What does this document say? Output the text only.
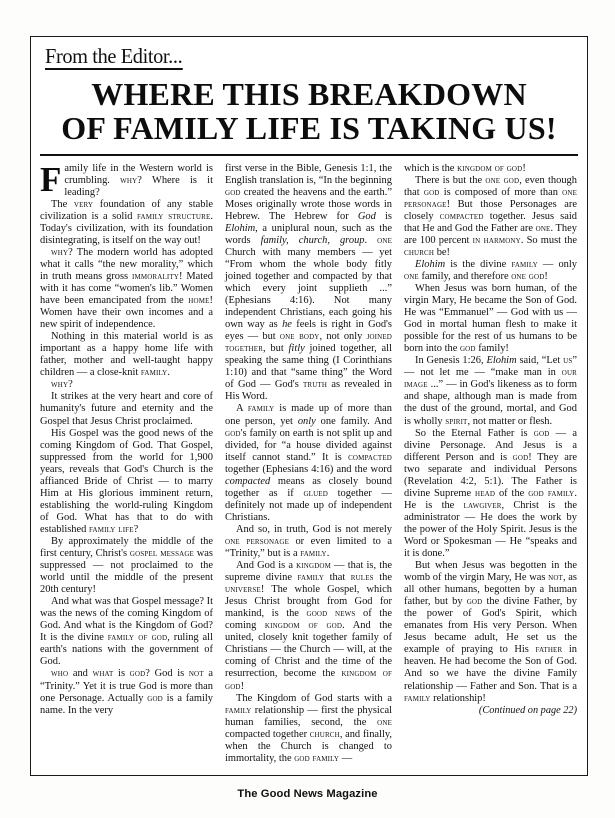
From the Editor...
WHERE THIS BREAKDOWN
OF FAMILY LIFE IS TAKING US!

Family life in the Western world is crumbling. why? Where is it leading?

The very foundation of any stable civilization is a solid family structure. Today's civilization, with its foundation disintegrating, is itself on the way out!

why? The modern world has adopted what it calls “the new morality,” which in truth means gross immorality! Mated with it has come “women's lib.” Women have been emancipated from the home! Women have their own incomes and a new spirit of independence.

Nothing in this material world is as important as a happy home life with father, mother and well-taught happy children — a close-knit family.

why?

It strikes at the very heart and core of humanity's future and eternity and the Gospel that Jesus Christ proclaimed.

His Gospel was the good news of the coming Kingdom of God. That Gospel, suppressed from the world for 1,900 years, reveals that God's Church is the affianced Bride of Christ — to marry Him at His glorious imminent return, establishing the world-ruling Kingdom of God. What has that to do with established family life?

By approximately the middle of the first century, Christ's gospel message was suppressed — not proclaimed to the world until the middle of the present 20th century!

And what was that Gospel message? It was the news of the coming Kingdom of God. And what is the Kingdom of God? It is the divine family of god, ruling all earth's nations with the government of God.

who and what is god? God is not a “Trinity.” Yet it is true God is more than one Personage. Actually god is a family name. In the very

first verse in the Bible, Genesis 1:1, the English translation is, “In the beginning god created the heavens and the earth.” Moses originally wrote those words in Hebrew. The Hebrew for God is Elohim, a uniplural noun, such as the words family, church, group. one Church with many members — yet “From whom the whole body fitly joined together and compacted by that which every joint supplieth ...” (Ephesians 4:16). Not many independent Christians, each going his own way as he feels is right in God's eyes — but one body, not only joined together, but fitly joined together, all speaking the same thing (I Corinthians 1:10) and that “same thing” the Word of God — God's truth as revealed in His Word.

A family is made up of more than one person, yet only one family. And god's family on earth is not split up and divided, for “a house divided against itself cannot stand.” It is compacted together (Ephesians 4:16) and the word compacted means as closely bound together as if glued together — definitely not made up of independent Christians.

And so, in truth, God is not merely one personage or even limited to a “Trinity,” but is a family.

And God is a kingdom — that is, the supreme divine family that rules the universe! The whole Gospel, which Jesus Christ brought from God for mankind, is the good news of the coming kingdom of god. And the united, closely knit together family of Christians — the Church — will, at the coming of Christ and the time of the resurrection, become the kingdom of god!

The Kingdom of God starts with a family relationship — first the physical human families, second, the one compacted together church, and finally, when the Church is changed to immortality, the god family —

which is the kingdom of god!

There is but the one god, even though that god is composed of more than one personage! But those Personages are closely compacted together. Jesus said that He and God the Father are one. They are 100 percent in harmony. So must the church be!

Elohim is the divine family — only one family, and therefore one god!

When Jesus was born human, of the virgin Mary, He became the Son of God. He was “Emmanuel” — God with us — God in mortal human flesh to make it possible for the rest of us humans to be born into the god family!

In Genesis 1:26, Elohim said, “Let us” — not let me — “make man in our image ...” — in God's likeness as to form and shape, although man is made from the dust of the ground, mortal, and God is wholly spirit, not matter or flesh.

So the Eternal Father is god — a divine Personage. And Jesus is a different Person and is god! They are two separate and individual Persons (Revelation 4:2, 5:1). The Father is divine Supreme head of the god family. He is the lawgiver, Christ is the administrator — He does the work by the power of the Holy Spirit. Jesus is the Word or Spokesman — He “speaks and it is done.”

But when Jesus was begotten in the womb of the virgin Mary, He was not, as all other humans, begotten by a human father, but by god the divine Father, by the power of God's Spirit, which emanates from His very Person. When Jesus became adult, He set us the example of praying to His father in heaven. He had become the Son of God. And so we have the divine Family relationship — Father and Son. That is a family relationship!

(Continued on page 22)

The Good News Magazine
